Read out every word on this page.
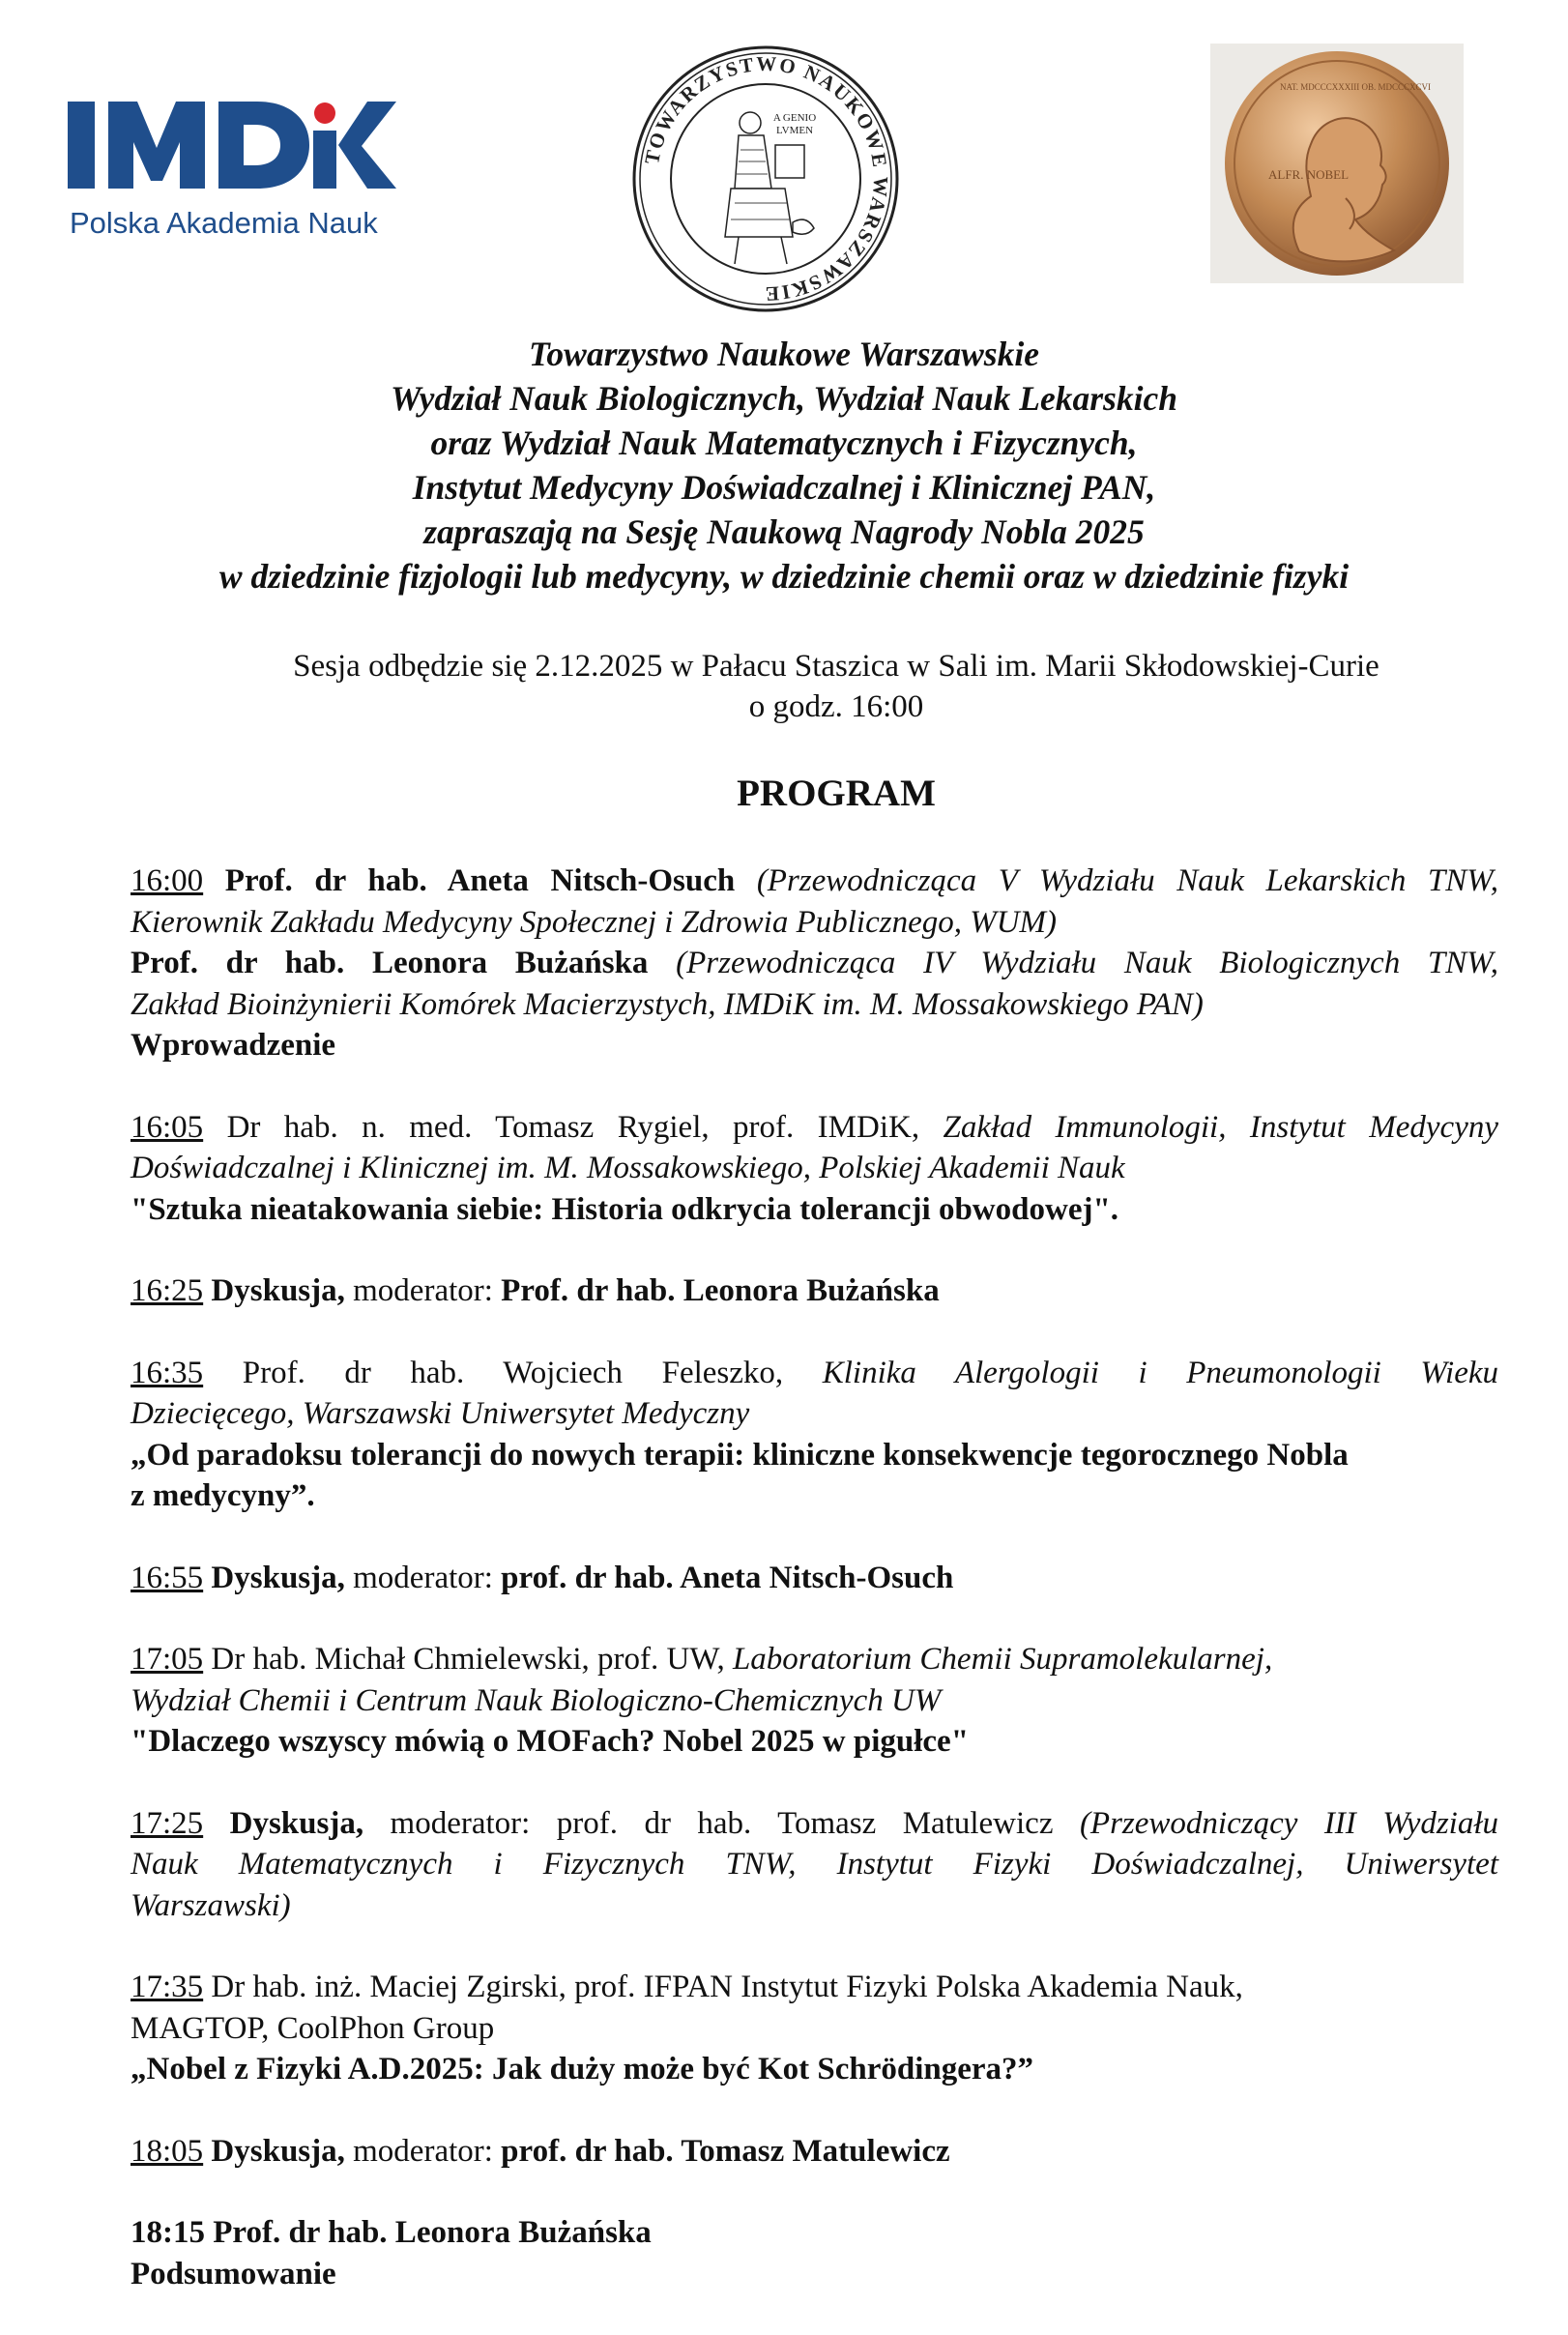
IMDiK
Polska Akademia Nauk
TOWARZYSTWO NAUKOWE WARSZAWSKIE
A GENIO
LVMEN
ALFR. NOBEL
NAT. MDCCCXXXIII OB. MDCCCXCVI
Towarzystwo Naukowe Warszawskie
Wydział Nauk Biologicznych, Wydział Nauk Lekarskich
oraz Wydział Nauk Matematycznych i Fizycznych,
Instytut Medycyny Doświadczalnej i Klinicznej PAN,
zapraszają na Sesję Naukową Nagrody Nobla 2025
w dziedzinie fizjologii lub medycyny, w dziedzinie chemii oraz w dziedzinie fizyki
Sesja odbędzie się 2.12.2025 w Pałacu Staszica w Sali im. Marii Skłodowskiej-Curie
o godz. 16:00
PROGRAM
16:00 Prof. dr hab. Aneta Nitsch-Osuch (Przewodnicząca V Wydziału Nauk Lekarskich TNW,
Kierownik Zakładu Medycyny Społecznej i Zdrowia Publicznego, WUM)
Prof. dr hab. Leonora Bużańska (Przewodnicząca IV Wydziału Nauk Biologicznych TNW,
Zakład Bioinżynierii Komórek Macierzystych, IMDiK im. M. Mossakowskiego PAN)
Wprowadzenie
16:05 Dr hab. n. med. Tomasz Rygiel, prof. IMDiK, Zakład Immunologii, Instytut Medycyny
Doświadczalnej i Klinicznej im. M. Mossakowskiego, Polskiej Akademii Nauk
"Sztuka nieatakowania siebie: Historia odkrycia tolerancji obwodowej".
16:25 Dyskusja, moderator: Prof. dr hab. Leonora Bużańska
16:35 Prof. dr hab. Wojciech Feleszko, Klinika Alergologii i Pneumonologii Wieku
Dziecięcego, Warszawski Uniwersytet Medyczny
„Od paradoksu tolerancji do nowych terapii: kliniczne konsekwencje tegorocznego Nobla
z medycyny”.
16:55 Dyskusja, moderator: prof. dr hab. Aneta Nitsch-Osuch
17:05 Dr hab. Michał Chmielewski, prof. UW, Laboratorium Chemii Supramolekularnej,
Wydział Chemii i Centrum Nauk Biologiczno-Chemicznych UW
"Dlaczego wszyscy mówią o MOFach? Nobel 2025 w pigułce"
17:25 Dyskusja, moderator: prof. dr hab. Tomasz Matulewicz (Przewodniczący III Wydziału
Nauk Matematycznych i Fizycznych TNW, Instytut Fizyki Doświadczalnej, Uniwersytet
Warszawski)
17:35 Dr hab. inż. Maciej Zgirski, prof. IFPAN Instytut Fizyki Polska Akademia Nauk,
MAGTOP, CoolPhon Group
„Nobel z Fizyki A.D.2025: Jak duży może być Kot Schrödingera?”
18:05 Dyskusja, moderator: prof. dr hab. Tomasz Matulewicz
18:15 Prof. dr hab. Leonora Bużańska
Podsumowanie
